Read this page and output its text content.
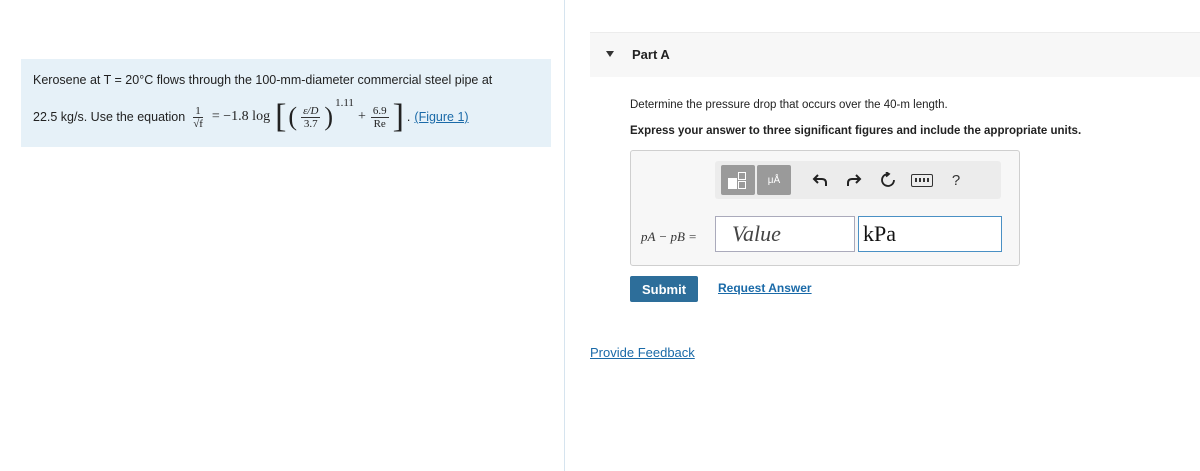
Kerosene at T = 20°C flows through the 100-mm-diameter commercial steel pipe at
22.5 kg/s. Use the equation $\frac{1}{√f} = -1.8$ log [ ( $\frac{\varepsilon/D}{3.7}$ ) 1.11
+ $\frac{6.9}{Re}$ ] . (Figure 1)
Part A
Determine the pressure drop that occurs over the 40-m length.
Express your answer to three significant figures and include the appropriate units.
μÅ	?
pA − pB =	Value	kPa
Submit	Request Answer
Provide Feedback
